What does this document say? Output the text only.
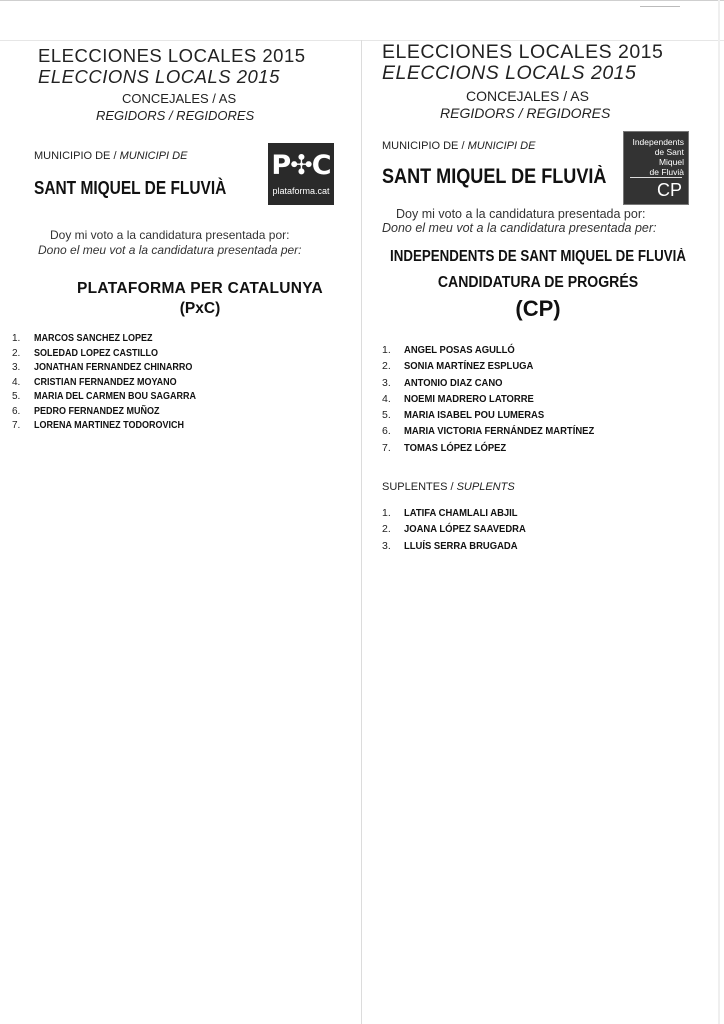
ELECCIONES LOCALES 2015
ELECCIONS LOCALS 2015
CONCEJALES / AS
REGIDORS / REGIDORES
MUNICIPIO DE / MUNICIPI DE
SANT MIQUEL DE FLUVIÀ
P✣C
plataforma.cat
Doy mi voto a la candidatura presentada por:
Dono el meu vot a la candidatura presentada per:
PLATAFORMA PER CATALUNYA
(PxC)
1. MARCOS SANCHEZ LOPEZ
2. SOLEDAD LOPEZ CASTILLO
3. JONATHAN FERNANDEZ CHINARRO
4. CRISTIAN FERNANDEZ MOYANO
5. MARIA DEL CARMEN BOU SAGARRA
6. PEDRO FERNANDEZ MUÑOZ
7. LORENA MARTINEZ TODOROVICH
ELECCIONES LOCALES 2015
ELECCIONS LOCALS 2015
CONCEJALES / AS
REGIDORS / REGIDORES
MUNICIPIO DE / MUNICIPI DE
SANT MIQUEL DE FLUVIÀ
Independents
de Sant Miquel
de Fluvià
CP
Doy mi voto a la candidatura presentada por:
Dono el meu vot a la candidatura presentada per:
INDEPENDENTS DE SANT MIQUEL DE FLUVIÀ
CANDIDATURA DE PROGRÉS
(CP)
1. ANGEL POSAS AGULLÓ
2. SONIA MARTÍNEZ ESPLUGA
3. ANTONIO DIAZ CANO
4. NOEMI MADRERO LATORRE
5. MARIA ISABEL POU LUMERAS
6. MARIA VICTORIA FERNÁNDEZ MARTÍNEZ
7. TOMAS LÓPEZ LÓPEZ
SUPLENTES / SUPLENTS
1. LATIFA CHAMLALI ABJIL
2. JOANA LÓPEZ SAAVEDRA
3. LLUÍS SERRA BRUGADA
